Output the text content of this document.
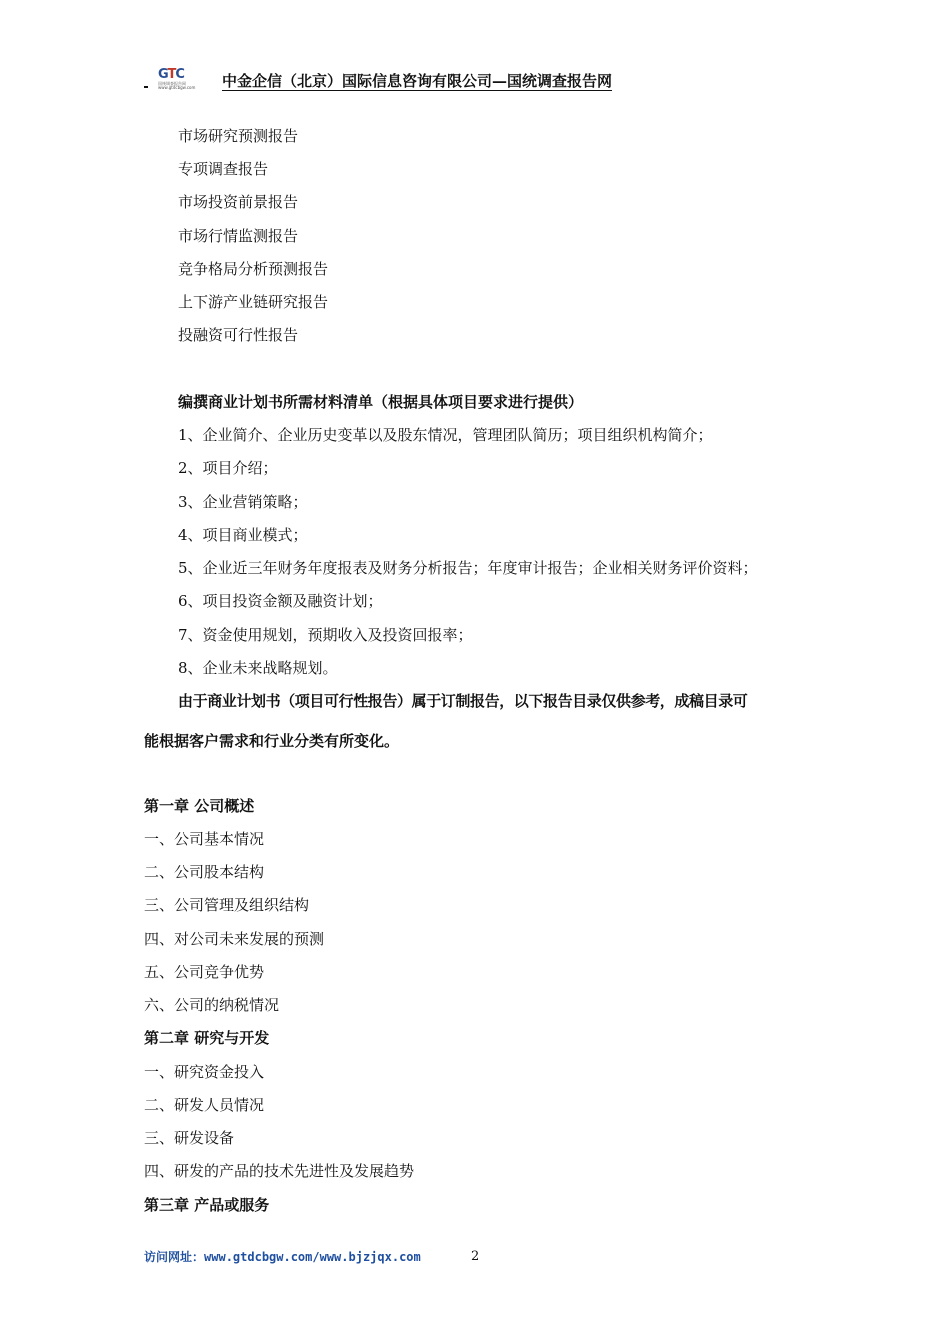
GTC
国统调查报告网
www.gtdcbgw.com	中金企信（北京）国际信息咨询有限公司—国统调查报告网
市场研究预测报告
专项调查报告
市场投资前景报告
市场行情监测报告
竞争格局分析预测报告
上下游产业链研究报告
投融资可行性报告
编撰商业计划书所需材料清单（根据具体项目要求进行提供）
1、企业简介、企业历史变革以及股东情况，管理团队简历；项目组织机构简介；
2、项目介绍；
3、企业营销策略；
4、项目商业模式；
5、企业近三年财务年度报表及财务分析报告；年度审计报告；企业相关财务评价资料；
6、项目投资金额及融资计划；
7、资金使用规划，预期收入及投资回报率；
8、企业未来战略规划。
由于商业计划书（项目可行性报告）属于订制报告，以下报告目录仅供参考，成稿目录可
能根据客户需求和行业分类有所变化。
第一章 公司概述
一、公司基本情况
二、公司股本结构
三、公司管理及组织结构
四、对公司未来发展的预测
五、公司竞争优势
六、公司的纳税情况
第二章 研究与开发
一、研究资金投入
二、研发人员情况
三、研发设备
四、研发的产品的技术先进性及发展趋势
第三章 产品或服务
访问网址：www.gtdcbgw.com/www.bjzjqx.com	2
